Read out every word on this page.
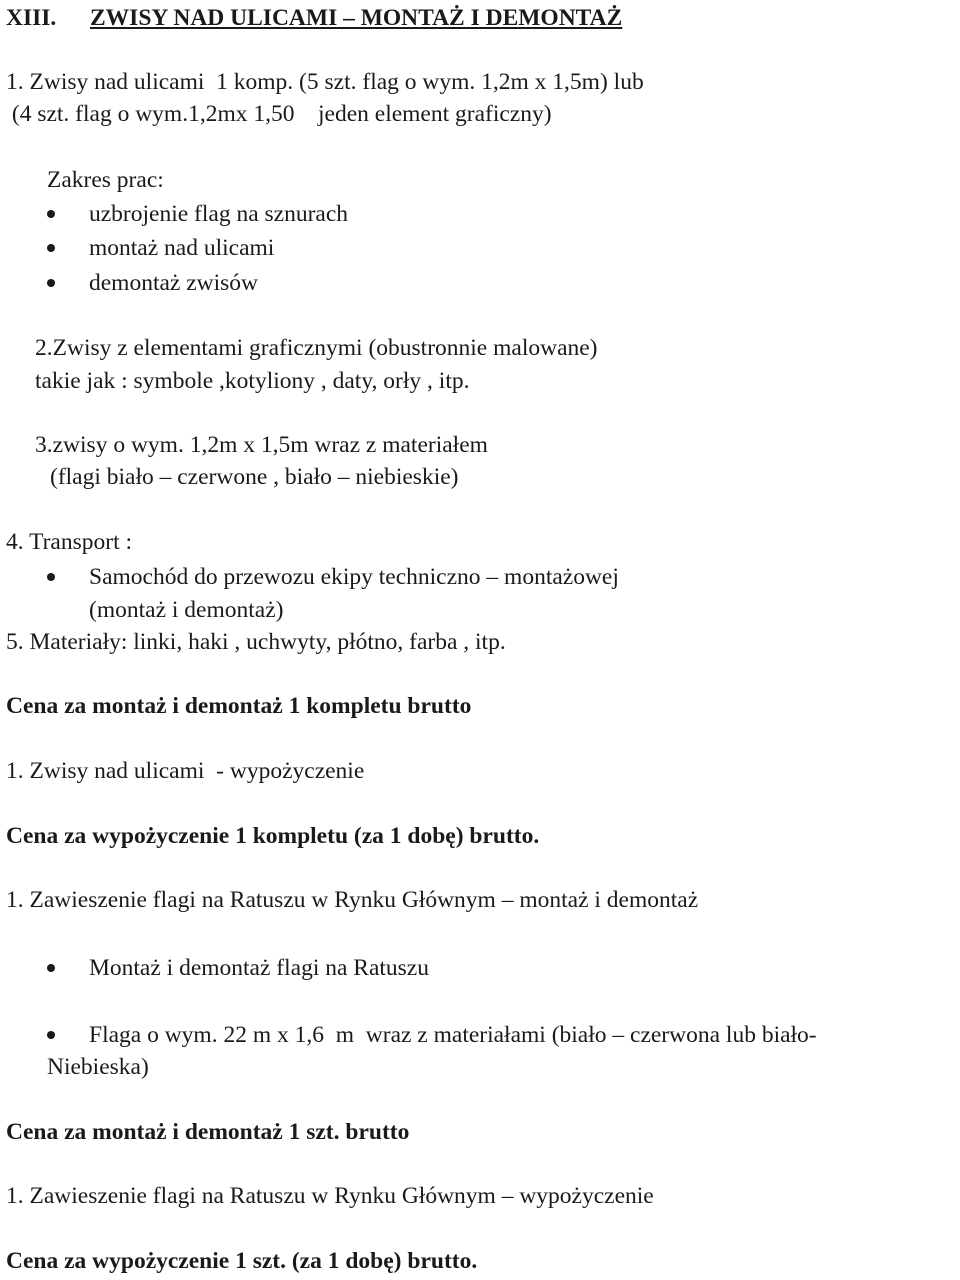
XIII. ZWISY NAD ULICAMI – MONTAŻ I DEMONTAŻ
1. Zwisy nad ulicami  1 komp. (5 szt. flag o wym. 1,2m x 1,5m) lub
(4 szt. flag o wym.1,2mx 1,50    jeden element graficzny)
Zakres prac:
uzbrojenie flag na sznurach
montaż nad ulicami
demontaż zwisów
2.Zwisy z elementami graficznymi (obustronnie malowane)
takie jak : symbole ,kotyliony , daty, orły , itp.
3.zwisy o wym. 1,2m x 1,5m wraz z materiałem
(flagi biało – czerwone , biało – niebieskie)
4. Transport :
Samochód do przewozu ekipy techniczno – montażowej
(montaż i demontaż)
5. Materiały: linki, haki , uchwyty, płótno, farba , itp.
Cena za montaż i demontaż 1 kompletu brutto
1. Zwisy nad ulicami  - wypożyczenie
Cena za wypożyczenie 1 kompletu (za 1 dobę) brutto.
1. Zawieszenie flagi na Ratuszu w Rynku Głównym – montaż i demontaż
Montaż i demontaż flagi na Ratuszu
Flaga o wym. 22 m x 1,6  m  wraz z materiałami (biało – czerwona lub biało-
Niebieska)
Cena za montaż i demontaż 1 szt. brutto
1. Zawieszenie flagi na Ratuszu w Rynku Głównym – wypożyczenie
Cena za wypożyczenie 1 szt. (za 1 dobę) brutto.
